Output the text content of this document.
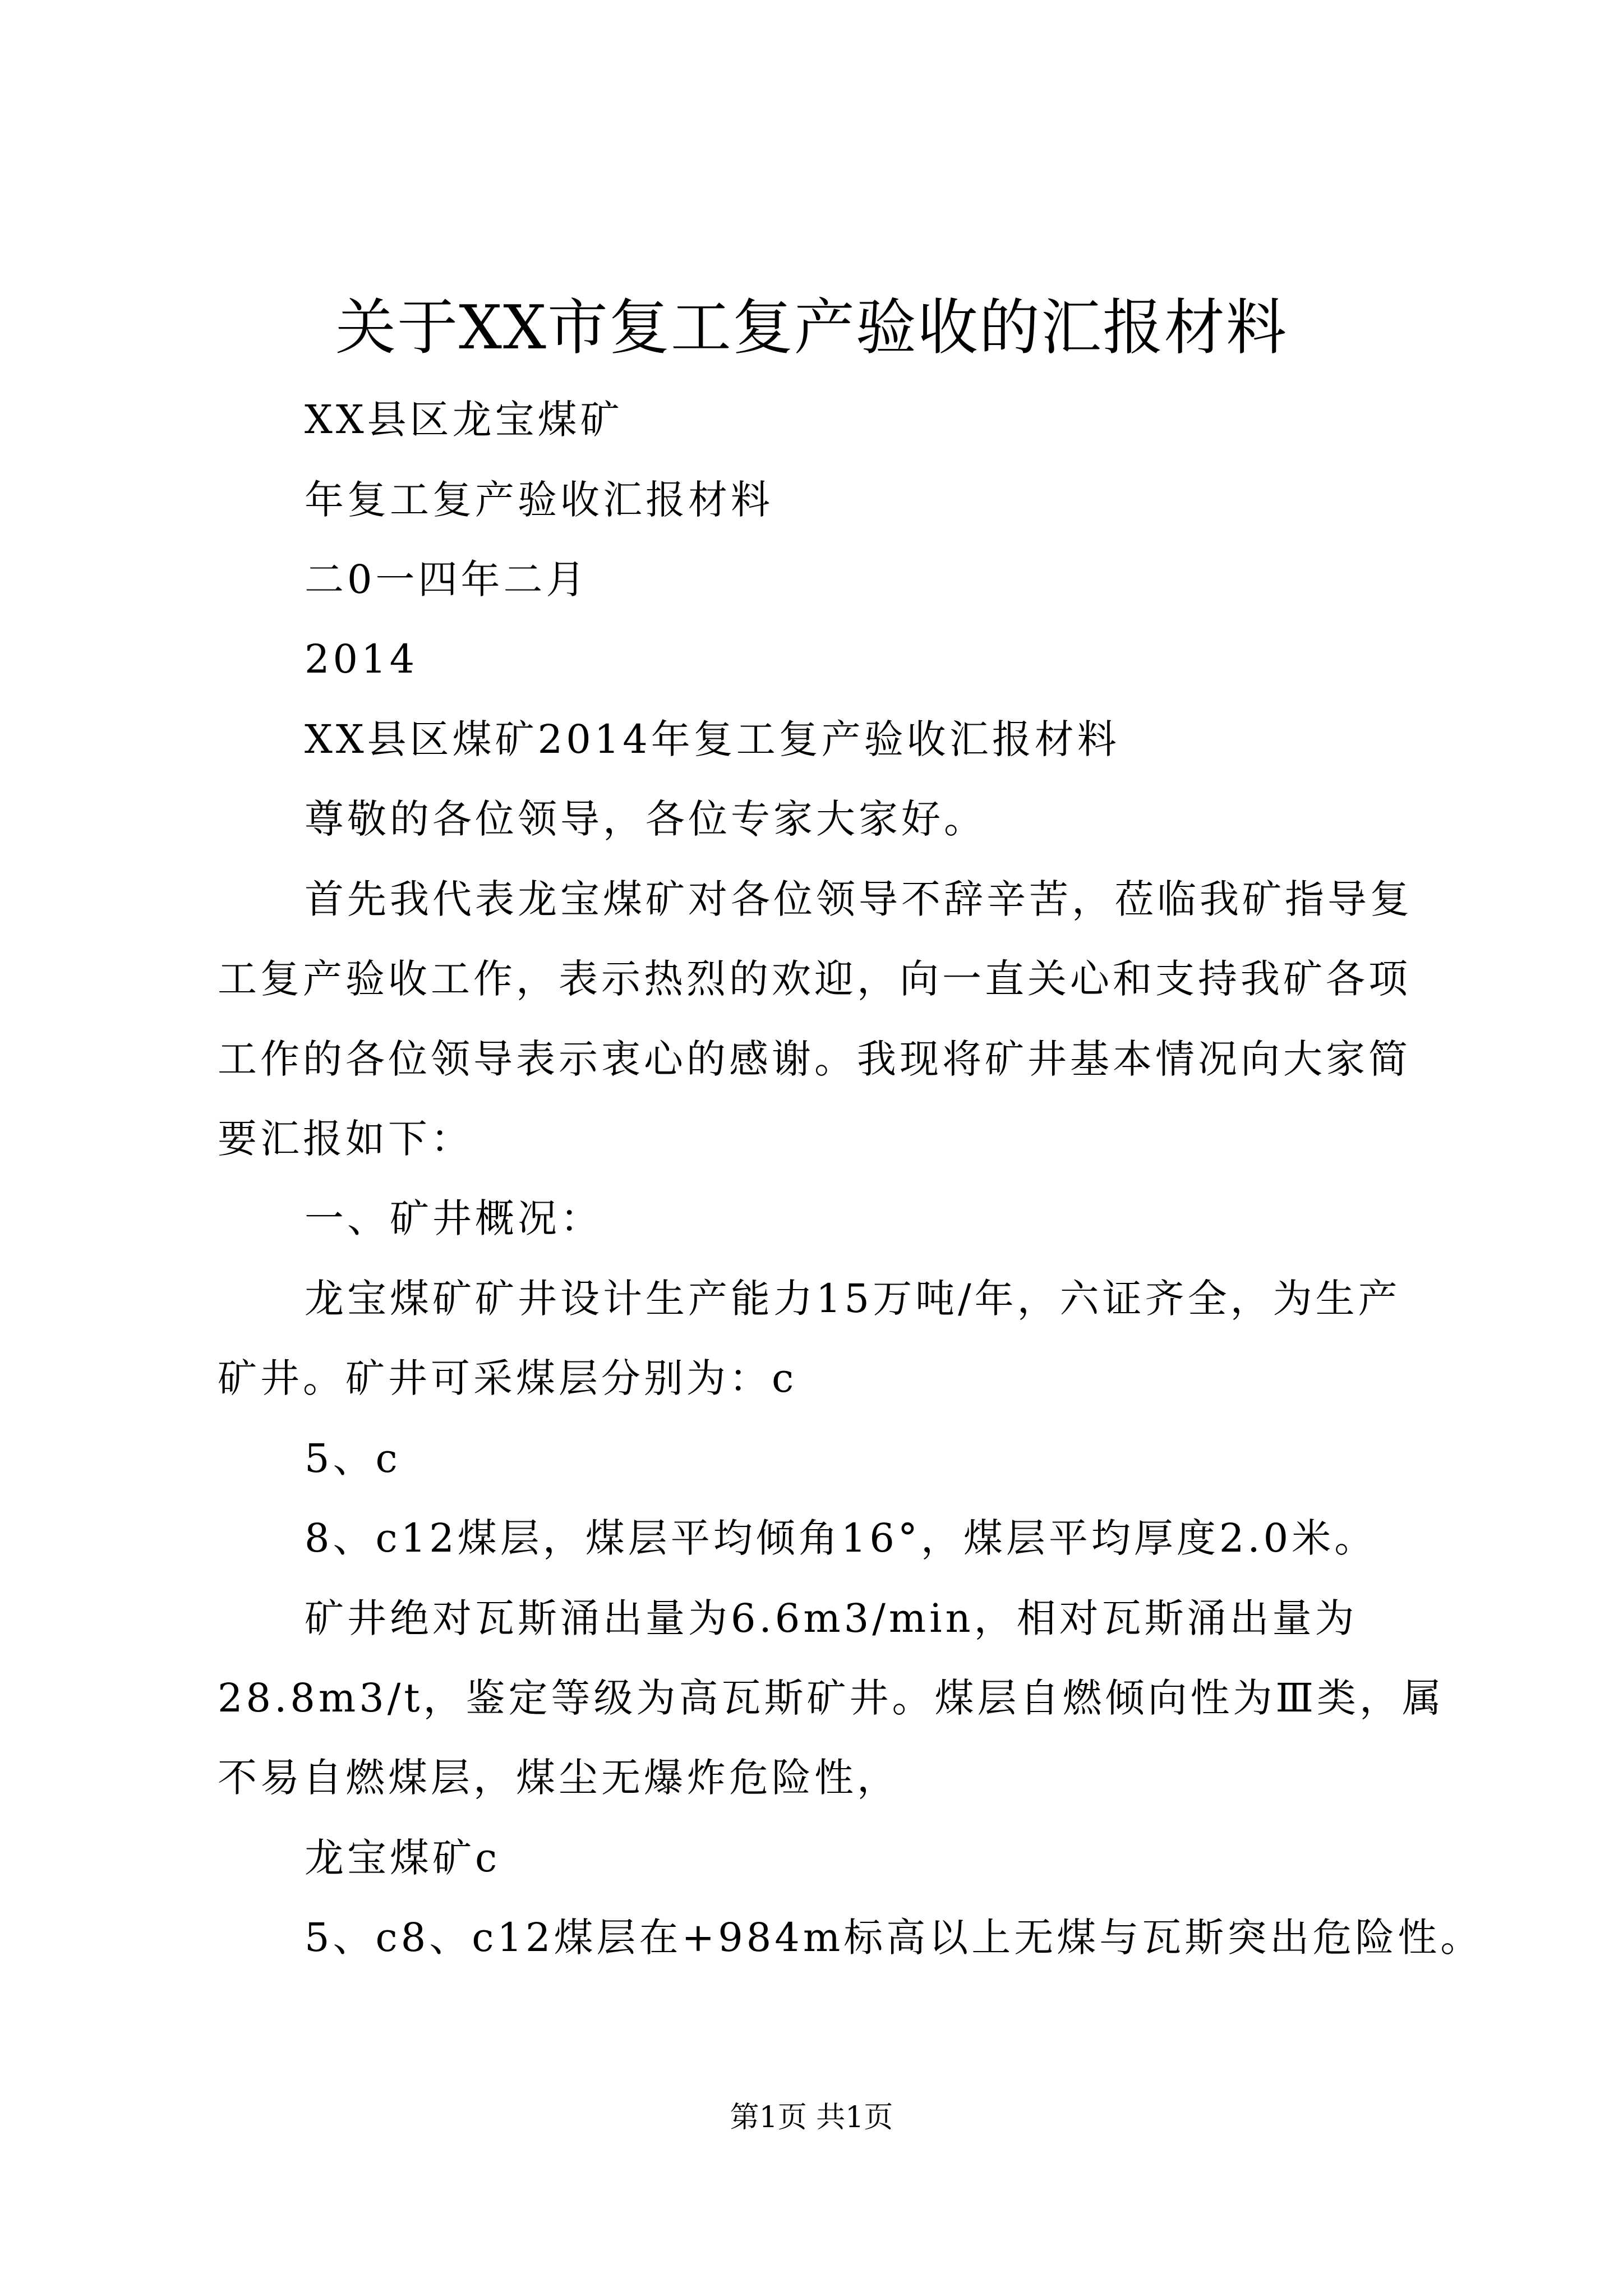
关于XX市复工复产验收的汇报材料
XX县区龙宝煤矿
年复工复产验收汇报材料
二0一四年二月
2014
XX县区煤矿2014年复工复产验收汇报材料
尊敬的各位领导，各位专家大家好。
首先我代表龙宝煤矿对各位领导不辞辛苦，莅临我矿指导复
工复产验收工作，表示热烈的欢迎，向一直关心和支持我矿各项
工作的各位领导表示衷心的感谢。我现将矿井基本情况向大家简
要汇报如下：
一、矿井概况：
龙宝煤矿矿井设计生产能力15万吨/年，六证齐全，为生产
矿井。矿井可采煤层分别为：c
5、c
8、c12煤层，煤层平均倾角16°，煤层平均厚度2.0米。
矿井绝对瓦斯涌出量为6.6m3/min，相对瓦斯涌出量为
28.8m3/t，鉴定等级为高瓦斯矿井。煤层自燃倾向性为Ⅲ类，属
不易自燃煤层，煤尘无爆炸危险性，
龙宝煤矿c
5、c8、c12煤层在+984m标高以上无煤与瓦斯突出危险性。
第1页 共1页
